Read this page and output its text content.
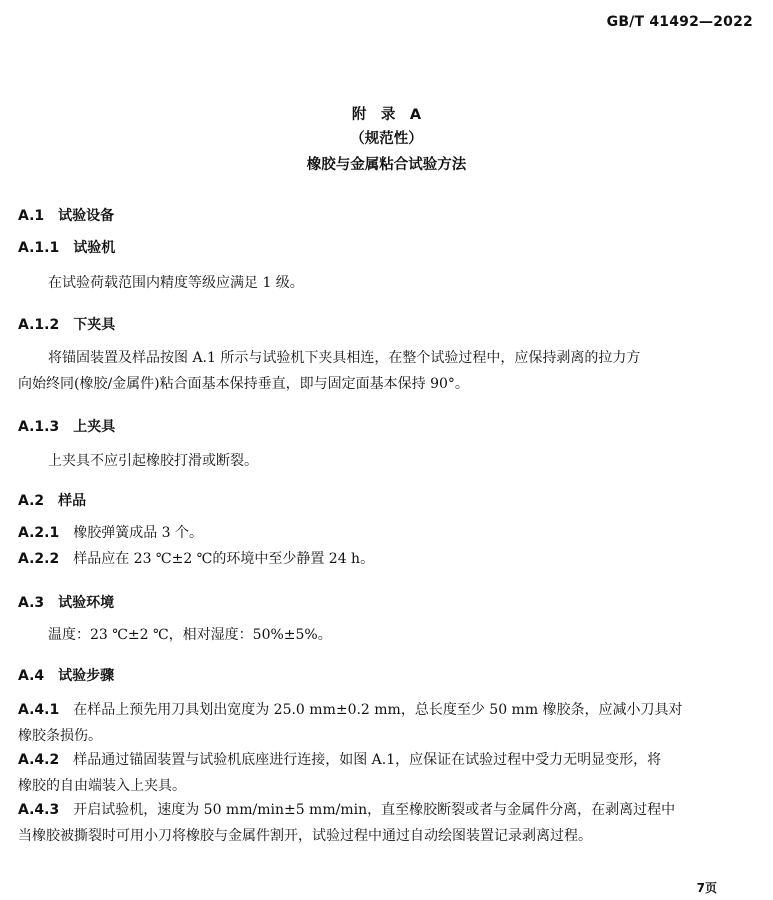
GB/T 41492—2022
附　录　A
（规范性）
橡胶与金属粘合试验方法
A.1 试验设备
A.1.1 试验机
在试验荷载范围内精度等级应满足 1 级。
A.1.2 下夹具
将锚固装置及样品按图 A.1 所示与试验机下夹具相连，在整个试验过程中，应保持剥离的拉力方
向始终同(橡胶/金属件)粘合面基本保持垂直，即与固定面基本保持 90°。
A.1.3 上夹具
上夹具不应引起橡胶打滑或断裂。
A.2 样品
A.2.1 橡胶弹簧成品 3 个。
A.2.2 样品应在 23 ℃±2 ℃的环境中至少静置 24 h。
A.3 试验环境
温度：23 ℃±2 ℃，相对湿度：50%±5%。
A.4 试验步骤
A.4.1 在样品上预先用刀具划出宽度为 25.0 mm±0.2 mm，总长度至少 50 mm 橡胶条，应减小刀具对
橡胶条损伤。
A.4.2 样品通过锚固装置与试验机底座进行连接，如图 A.1，应保证在试验过程中受力无明显变形，将
橡胶的自由端装入上夹具。
A.4.3 开启试验机，速度为 50 mm/min±5 mm/min，直至橡胶断裂或者与金属件分离，在剥离过程中
当橡胶被撕裂时可用小刀将橡胶与金属件割开，试验过程中通过自动绘图装置记录剥离过程。
7页
